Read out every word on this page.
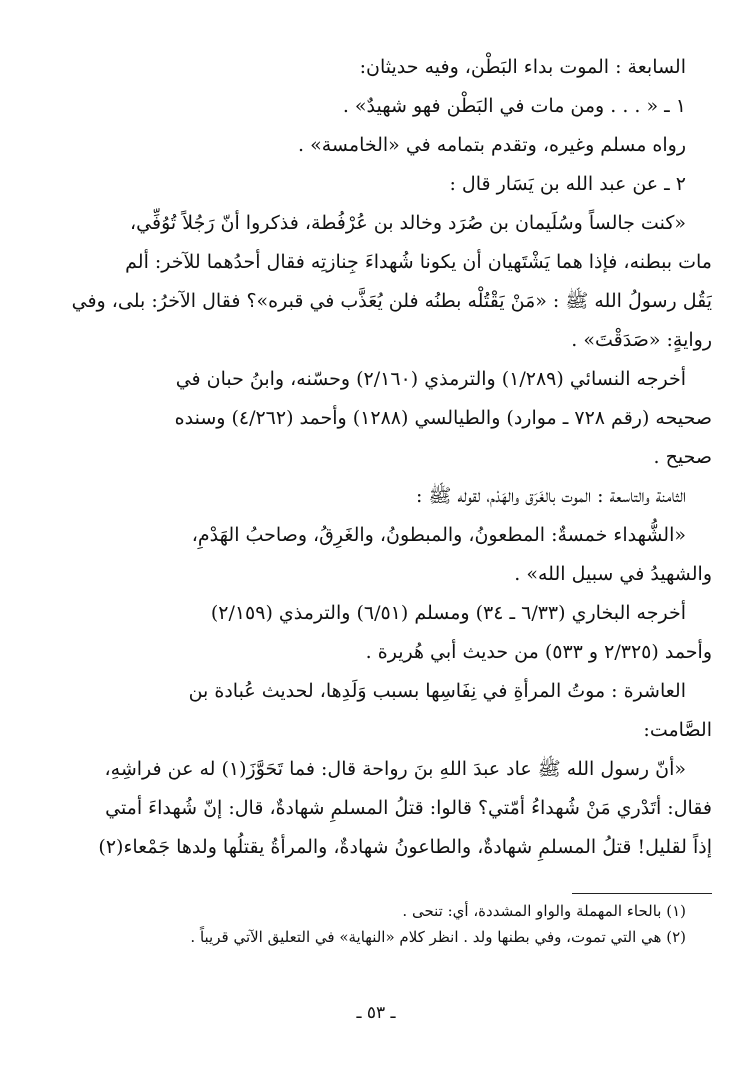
السابعة : الموت بداء البَطْن، وفيه حديثان:
١ ـ « . . . ومن مات في البَطْن فهو شهيدٌ» .
رواه مسلم وغيره، وتقدم بتمامه في «الخامسة» .
٢ ـ عن عبد الله بن يَسَار قال :
«كنت جالساً وسُلَيمان بن صُرَد وخالد بن عُرْفُطة، فذكروا أنّ رَجُلاً تُوُفِّي،
مات ببطنه، فإذا هما يَشْتَهيان أن يكونا شُهداءَ جِنازتِه فقال أحدُهما للآخر: ألم
يَقُل رسولُ الله ﷺ : «مَنْ يَقْتُلْه بطنُه فلن يُعَذَّب في قبره»؟ فقال الآخرُ: بلى، وفي
روايةٍ: «صَدَقْتَ» .
أخرجه النسائي (١/٢٨٩) والترمذي (٢/١٦٠) وحسّنه، وابنُ حبان في
صحيحه (رقم ٧٢٨ ـ موارد) والطيالسي (١٢٨٨) وأحمد (٤/٢٦٢) وسنده
صحيح .
الثامنة والتاسعة : الموت بالغَرَق والهَدْم، لقوله ﷺ :
«الشُّهداء خمسةٌ: المطعونُ، والمبطونُ، والغَرِقُ، وصاحبُ الهَدْمِ،
والشهيدُ في سبيل الله» .
أخرجه البخاري (٦/٣٣ ـ ٣٤) ومسلم (٦/٥١) والترمذي (٢/١٥٩)
وأحمد (٢/٣٢٥ و ٥٣٣) من حديث أبي هُريرة .
العاشرة : موتُ المرأةِ في نِفَاسِها بسبب وَلَدِها، لحديث عُبادة بن
الصَّامت:
«أنّ رسول الله ﷺ عاد عبدَ اللهِ بنَ رواحة قال: فما تَحَوَّزَ(١) له عن فراشِهِ،
فقال: أتَدْري مَنْ شُهداءُ أمّتي؟ قالوا: قتلُ المسلمِ شهادةٌ، قال: إنّ شُهداءَ أمتي
إذاً لقليل! قتلُ المسلمِ شهادةٌ، والطاعونُ شهادةٌ، والمرأةُ يقتلُها ولدها جَمْعاء(٢)
(١) بالحاء المهملة والواو المشددة، أي: تنحى .
(٢) هي التي تموت، وفي بطنها ولد . انظر كلام «النهاية» في التعليق الآتي قريباً .
ـ ٥٣ ـ
